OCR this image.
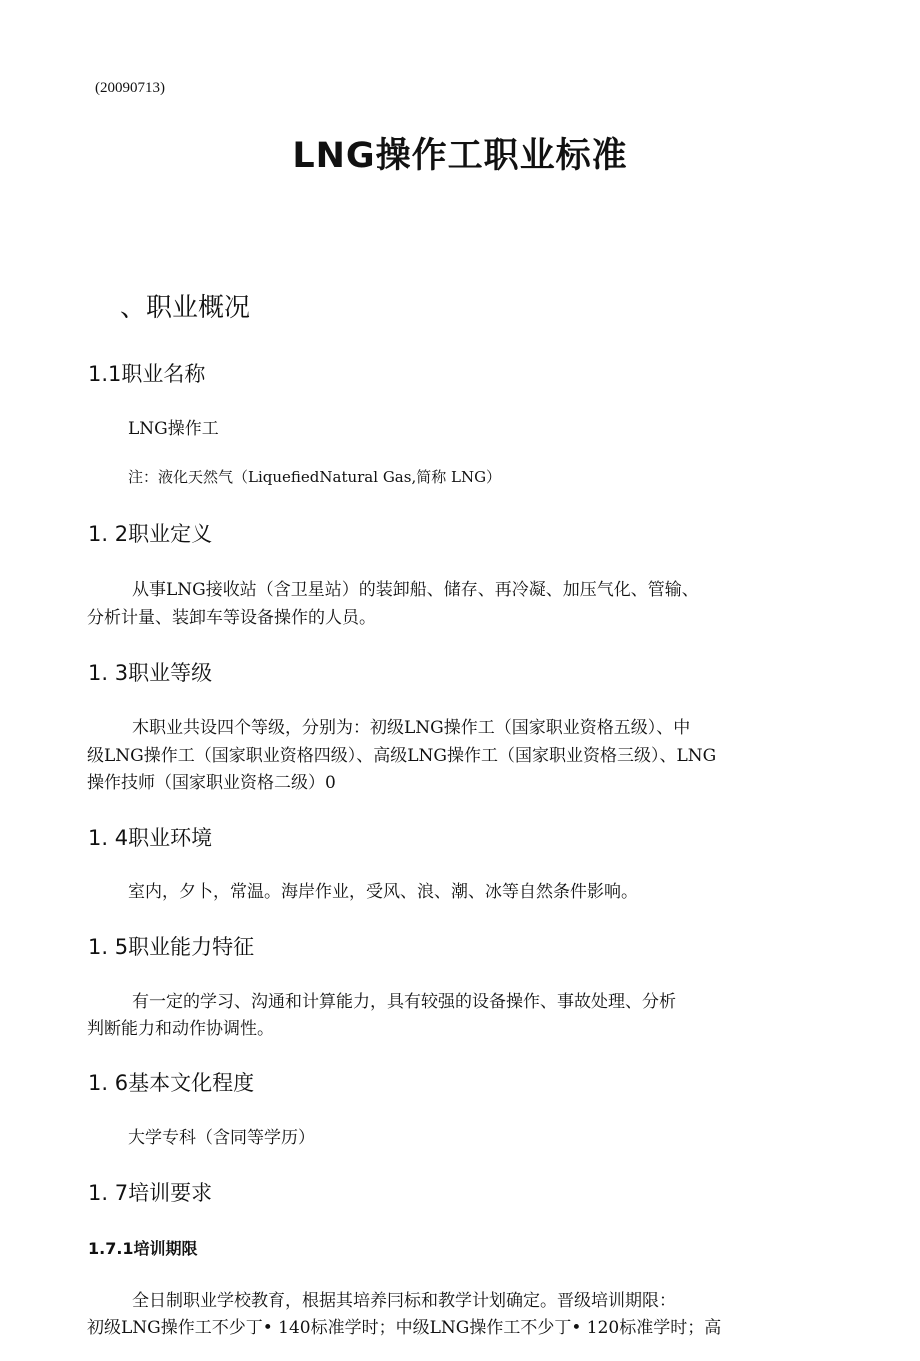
(20090713)
LNG操作工职业标准
、职业概况
1.1职业名称
LNG操作工
注：液化天然气（LiquefiedNatural Gas,简称 LNG）
1. 2职业定义
从事LNG接收站（含卫星站）的装卸船、储存、再冷凝、加压气化、管输、
分析计量、装卸车等设备操作的人员。
1. 3职业等级
木职业共设四个等级，分别为：初级LNG操作工（国家职业资格五级）、中
级LNG操作工（国家职业资格四级）、高级LNG操作工（国家职业资格三级）、LNG
操作技师（国家职业资格二级）0
1. 4职业环境
室内，夕卜，常温。海岸作业，受风、浪、潮、冰等自然条件影响。
1. 5职业能力特征
有一定的学习、沟通和计算能力，具有较强的设备操作、事故处理、分析
判断能力和动作协调性。
1. 6基本文化程度
大学专科（含同等学历）
1. 7培训要求
1.7.1培训期限
全日制职业学校教育，根据其培养冃标和教学计划确定。晋级培训期限：
初级LNG操作工不少丁• 140标准学时；中级LNG操作工不少丁• 120标准学时；高
